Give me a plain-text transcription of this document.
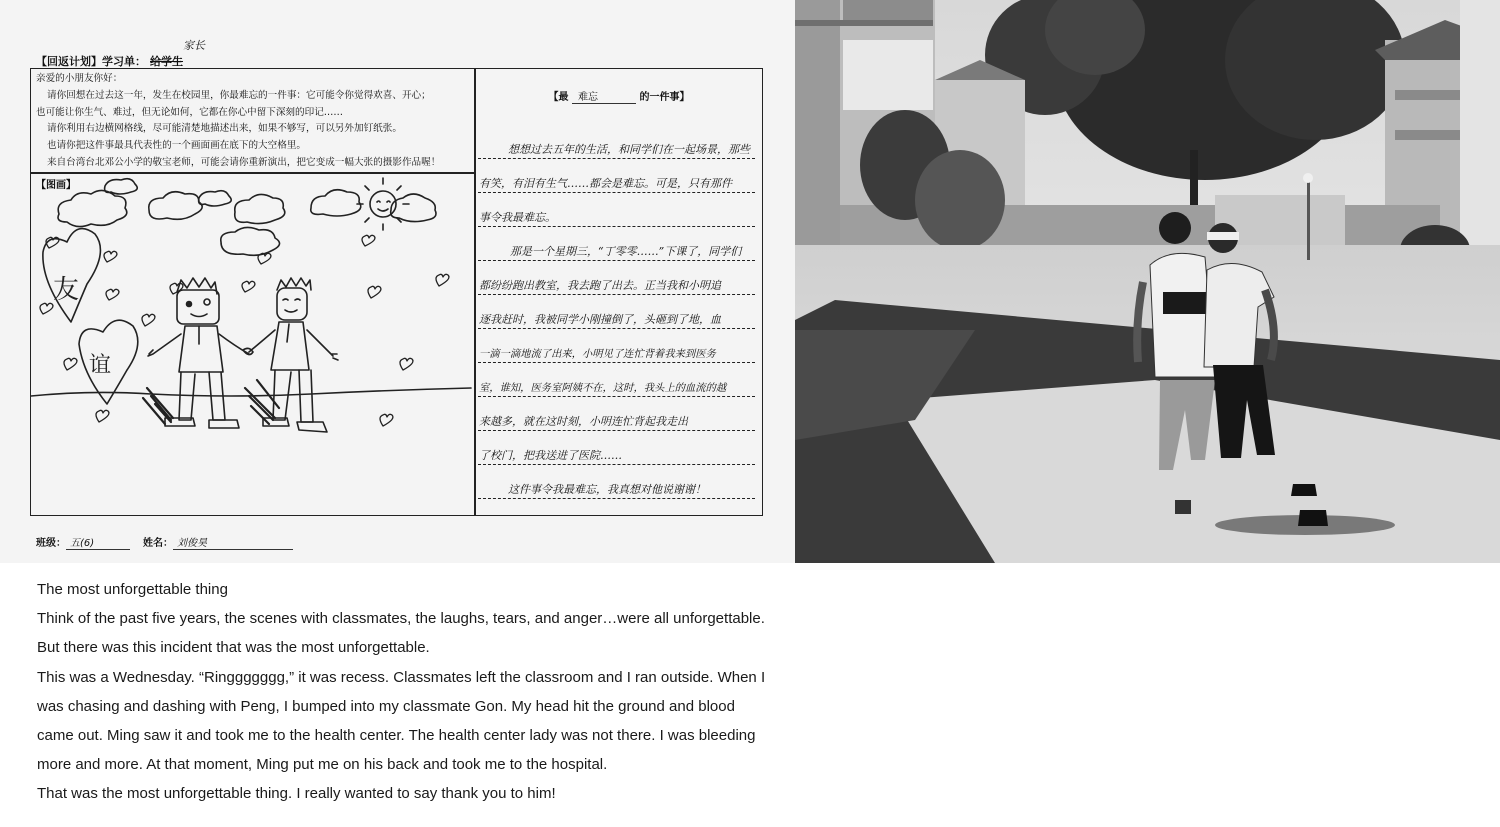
家长
【回返计划】学习单： 给学生
亲爱的小朋友你好：
请你回想在过去这一年，发生在校园里，你最难忘的一件事：它可能令你觉得欢喜、开心；
也可能让你生气、难过，但无论如何，它都在你心中留下深刻的印记……
请你利用右边横网格线，尽可能清楚地描述出来，如果不够写，可以另外加钉纸张。
也请你把这件事最具代表性的一个画面画在底下的大空格里。
来自台湾台北邓公小学的敬宝老师，可能会请你重新演出，把它变成一幅大张的摄影作品喔！
【图画】
友
谊
【最 难忘	的一件事】
想想过去五年的生活，和同学们在一起场景，那些
有笑，有泪有生气……都会是难忘。可是，只有那件
事令我最难忘。
那是一个星期三，“丁零零……”下课了，同学们
都纷纷跑出教室，我去跑了出去。正当我和小明追
逐我赶时，我被同学小刚撞倒了，头砸到了地，血
一滴一滴地流了出来，小明见了连忙背着我来到医务
室，谁知，医务室阿姨不在，这时，我头上的血流的越
来越多，就在这时刻，小明连忙背起我走出
了校门，把我送进了医院……
这件事令我最难忘，我真想对他说谢谢！
班级： 五(6)	姓名： 刘俊昊
The most unforgettable thing
Think of the past five years, the scenes with classmates, the laughs, tears, and anger…were all unforgettable.
But there was this incident that was the most unforgettable.
This was a Wednesday. “Ringgggggg,” it was recess. Classmates left the classroom and I ran outside. When I
was chasing and dashing with Peng, I bumped into my classmate Gon. My head hit the ground and blood
came out. Ming saw it and took me to the health center. The health center lady was not there. I was bleeding
more and more. At that moment, Ming put me on his back and took me to the hospital.
That was the most unforgettable thing. I really wanted to say thank you to him!
